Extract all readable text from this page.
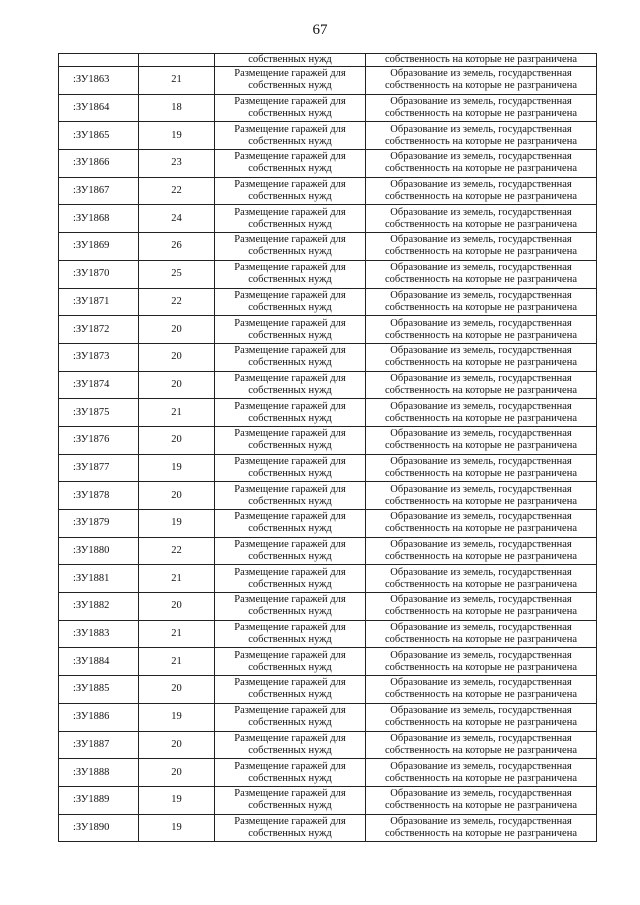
67
		собственных нужд	собственность на которые не разграничена
:ЗУ1863	21	Размещение гаражей для
собственных нужд	Образование из земель, государственная
собственность на которые не разграничена

:ЗУ1864	18	Размещение гаражей для
собственных нужд	Образование из земель, государственная
собственность на которые не разграничена

:ЗУ1865	19	Размещение гаражей для
собственных нужд	Образование из земель, государственная
собственность на которые не разграничена

:ЗУ1866	23	Размещение гаражей для
собственных нужд	Образование из земель, государственная
собственность на которые не разграничена

:ЗУ1867	22	Размещение гаражей для
собственных нужд	Образование из земель, государственная
собственность на которые не разграничена

:ЗУ1868	24	Размещение гаражей для
собственных нужд	Образование из земель, государственная
собственность на которые не разграничена

:ЗУ1869	26	Размещение гаражей для
собственных нужд	Образование из земель, государственная
собственность на которые не разграничена

:ЗУ1870	25	Размещение гаражей для
собственных нужд	Образование из земель, государственная
собственность на которые не разграничена

:ЗУ1871	22	Размещение гаражей для
собственных нужд	Образование из земель, государственная
собственность на которые не разграничена

:ЗУ1872	20	Размещение гаражей для
собственных нужд	Образование из земель, государственная
собственность на которые не разграничена

:ЗУ1873	20	Размещение гаражей для
собственных нужд	Образование из земель, государственная
собственность на которые не разграничена

:ЗУ1874	20	Размещение гаражей для
собственных нужд	Образование из земель, государственная
собственность на которые не разграничена

:ЗУ1875	21	Размещение гаражей для
собственных нужд	Образование из земель, государственная
собственность на которые не разграничена

:ЗУ1876	20	Размещение гаражей для
собственных нужд	Образование из земель, государственная
собственность на которые не разграничена

:ЗУ1877	19	Размещение гаражей для
собственных нужд	Образование из земель, государственная
собственность на которые не разграничена

:ЗУ1878	20	Размещение гаражей для
собственных нужд	Образование из земель, государственная
собственность на которые не разграничена

:ЗУ1879	19	Размещение гаражей для
собственных нужд	Образование из земель, государственная
собственность на которые не разграничена

:ЗУ1880	22	Размещение гаражей для
собственных нужд	Образование из земель, государственная
собственность на которые не разграничена

:ЗУ1881	21	Размещение гаражей для
собственных нужд	Образование из земель, государственная
собственность на которые не разграничена

:ЗУ1882	20	Размещение гаражей для
собственных нужд	Образование из земель, государственная
собственность на которые не разграничена

:ЗУ1883	21	Размещение гаражей для
собственных нужд	Образование из земель, государственная
собственность на которые не разграничена

:ЗУ1884	21	Размещение гаражей для
собственных нужд	Образование из земель, государственная
собственность на которые не разграничена

:ЗУ1885	20	Размещение гаражей для
собственных нужд	Образование из земель, государственная
собственность на которые не разграничена

:ЗУ1886	19	Размещение гаражей для
собственных нужд	Образование из земель, государственная
собственность на которые не разграничена

:ЗУ1887	20	Размещение гаражей для
собственных нужд	Образование из земель, государственная
собственность на которые не разграничена

:ЗУ1888	20	Размещение гаражей для
собственных нужд	Образование из земель, государственная
собственность на которые не разграничена

:ЗУ1889	19	Размещение гаражей для
собственных нужд	Образование из земель, государственная
собственность на которые не разграничена

:ЗУ1890	19	Размещение гаражей для
собственных нужд	Образование из земель, государственная
собственность на которые не разграничена
